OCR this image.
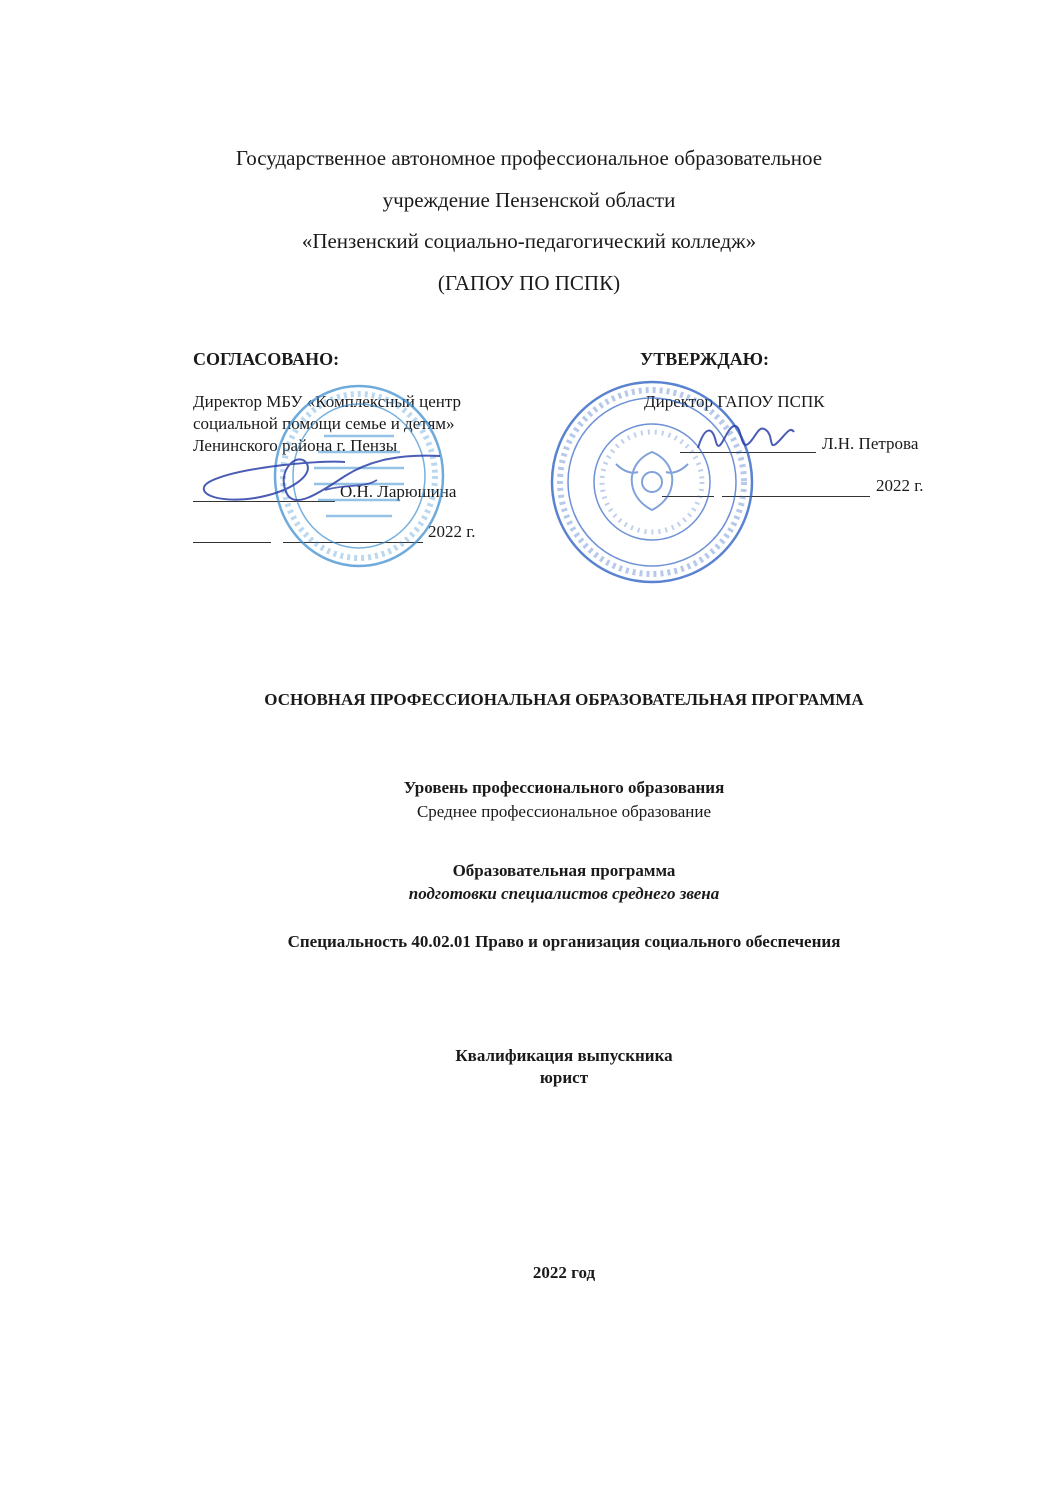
Государственное автономное профессиональное образовательное
учреждение Пензенской области
«Пензенский социально-педагогический колледж»
(ГАПОУ ПО ПСПК)
СОГЛАСОВАНО:
Директор МБУ «Комплексный центр
социальной помощи семье и детям»
Ленинского района г. Пензы
О.Н. Ларюшина
2022 г.
УТВЕРЖДАЮ:
Директор ГАПОУ ПСПК
Л.Н. Петрова
2022 г.
ОСНОВНАЯ ПРОФЕССИОНАЛЬНАЯ ОБРАЗОВАТЕЛЬНАЯ ПРОГРАММА
Уровень профессионального образования
Среднее профессиональное образование
Образовательная программа
подготовки специалистов среднего звена
Специальность 40.02.01 Право и организация социального обеспечения
Квалификация выпускника
юрист
2022 год
